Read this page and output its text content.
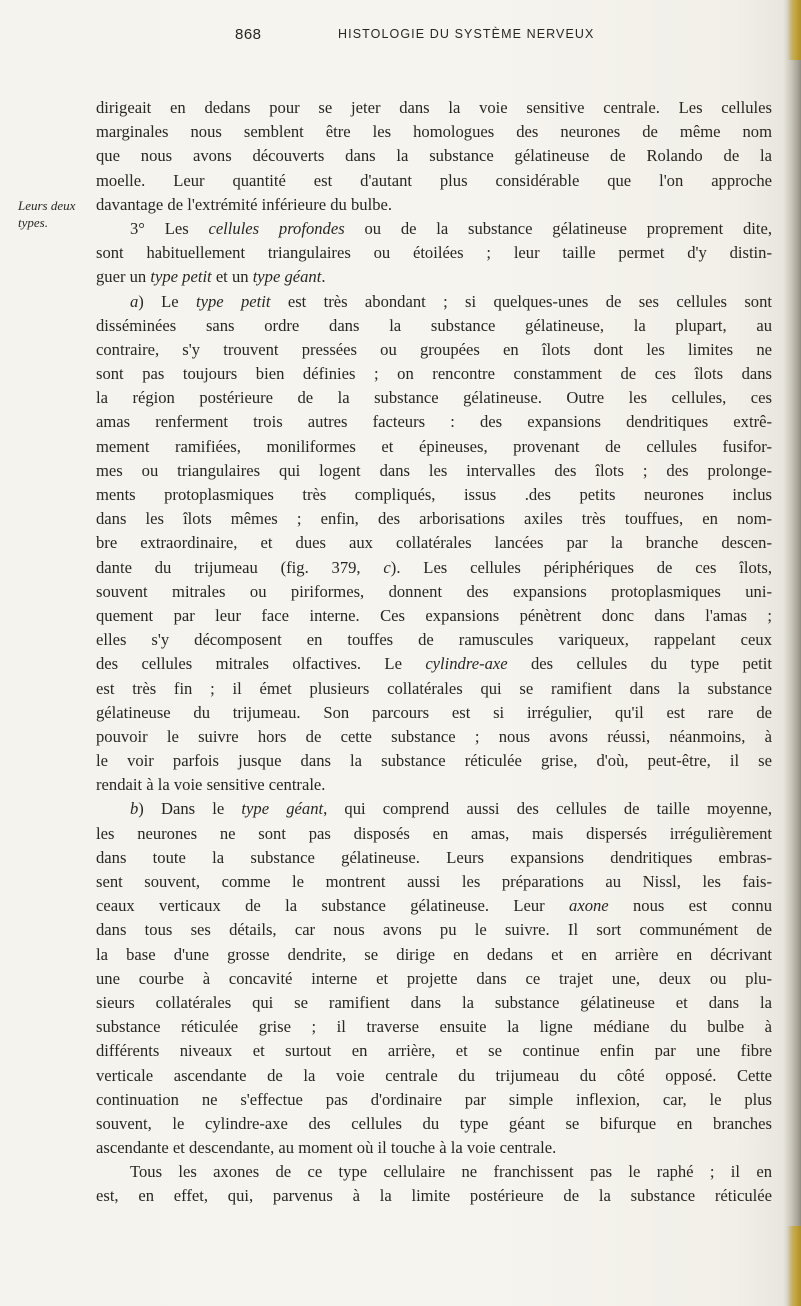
868	HISTOLOGIE DU SYSTÈME NERVEUX
Leurs deux
types.
dirigeait en dedans pour se jeter dans la voie sensitive centrale. Les cellules
marginales nous semblent être les homologues des neurones de même nom
que nous avons découverts dans la substance gélatineuse de Rolando de la
moelle. Leur quantité est d'autant plus considérable que l'on approche
davantage de l'extrémité inférieure du bulbe.
3° Les cellules profondes ou de la substance gélatineuse proprement dite,
sont habituellement triangulaires ou étoilées ; leur taille permet d'y distin-
guer un type petit et un type géant.
a) Le type petit est très abondant ; si quelques-unes de ses cellules sont
disséminées sans ordre dans la substance gélatineuse, la plupart, au
contraire, s'y trouvent pressées ou groupées en îlots dont les limites ne
sont pas toujours bien définies ; on rencontre constamment de ces îlots dans
la région postérieure de la substance gélatineuse. Outre les cellules, ces
amas renferment trois autres facteurs : des expansions dendritiques extrê-
mement ramifiées, moniliformes et épineuses, provenant de cellules fusifor-
mes ou triangulaires qui logent dans les intervalles des îlots ; des prolonge-
ments protoplasmiques très compliqués, issus .des petits neurones inclus
dans les îlots mêmes ; enfin, des arborisations axiles très touffues, en nom-
bre extraordinaire, et dues aux collatérales lancées par la branche descen-
dante du trijumeau (fig. 379, c). Les cellules périphériques de ces îlots,
souvent mitrales ou piriformes, donnent des expansions protoplasmiques uni-
quement par leur face interne. Ces expansions pénètrent donc dans l'amas ;
elles s'y décomposent en touffes de ramuscules variqueux, rappelant ceux
des cellules mitrales olfactives. Le cylindre-axe des cellules du type petit
est très fin ; il émet plusieurs collatérales qui se ramifient dans la substance
gélatineuse du trijumeau. Son parcours est si irrégulier, qu'il est rare de
pouvoir le suivre hors de cette substance ; nous avons réussi, néanmoins, à
le voir parfois jusque dans la substance réticulée grise, d'où, peut-être, il se
rendait à la voie sensitive centrale.
b) Dans le type géant, qui comprend aussi des cellules de taille moyenne,
les neurones ne sont pas disposés en amas, mais dispersés irrégulièrement
dans toute la substance gélatineuse. Leurs expansions dendritiques embras-
sent souvent, comme le montrent aussi les préparations au Nissl, les fais-
ceaux verticaux de la substance gélatineuse. Leur axone nous est connu
dans tous ses détails, car nous avons pu le suivre. Il sort communément de
la base d'une grosse dendrite, se dirige en dedans et en arrière en décrivant
une courbe à concavité interne et projette dans ce trajet une, deux ou plu-
sieurs collatérales qui se ramifient dans la substance gélatineuse et dans la
substance réticulée grise ; il traverse ensuite la ligne médiane du bulbe à
différents niveaux et surtout en arrière, et se continue enfin par une fibre
verticale ascendante de la voie centrale du trijumeau du côté opposé. Cette
continuation ne s'effectue pas d'ordinaire par simple inflexion, car, le plus
souvent, le cylindre-axe des cellules du type géant se bifurque en branches
ascendante et descendante, au moment où il touche à la voie centrale.
Tous les axones de ce type cellulaire ne franchissent pas le raphé ; il en
est, en effet, qui, parvenus à la limite postérieure de la substance réticulée
